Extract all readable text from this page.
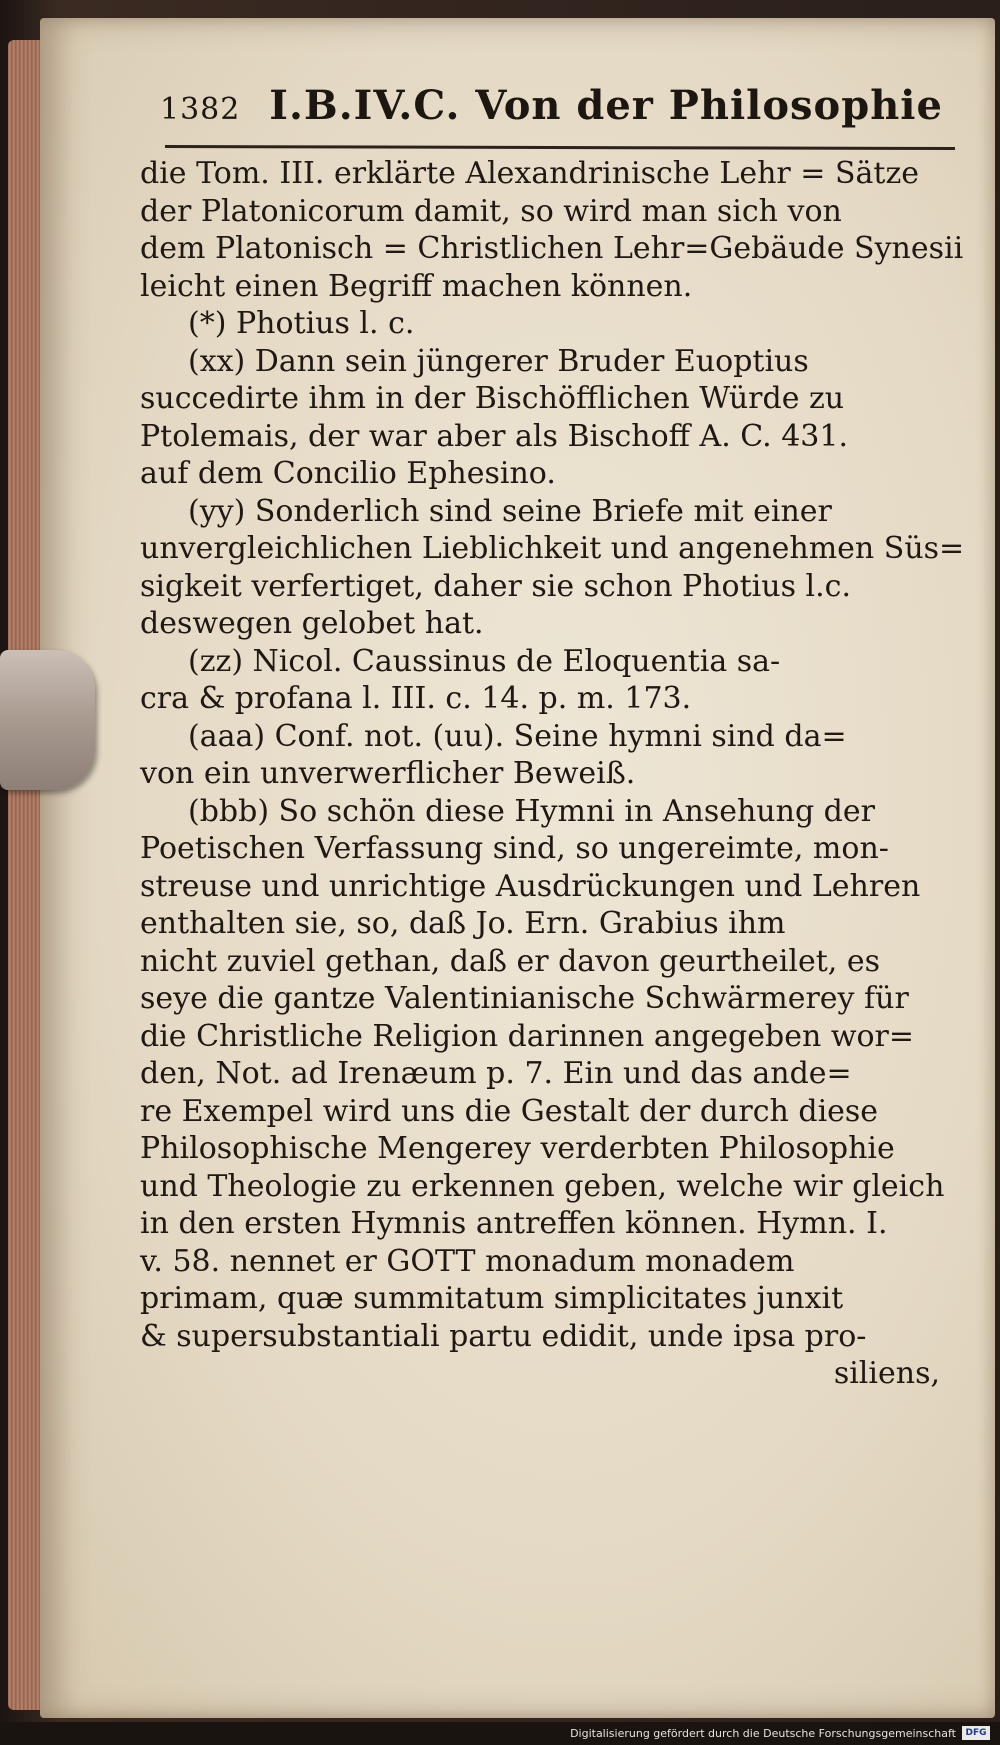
1382 I.B.IV.C. Von der Philosophie
die Tom. III. erklärte Alexandrinische Lehr = Sätze
der Platonicorum damit, so wird man sich von
dem Platonisch = Christlichen Lehr=Gebäude Synesii
leicht einen Begriff machen können.
(*) Photius l. c.
(xx) Dann sein jüngerer Bruder Euoptius
succedirte ihm in der Bischöfflichen Würde zu
Ptolemais, der war aber als Bischoff A. C. 431.
auf dem Concilio Ephesino.
(yy) Sonderlich sind seine Briefe mit einer
unvergleichlichen Lieblichkeit und angenehmen Süs=
sigkeit verfertiget, daher sie schon Photius l.c.
deswegen gelobet hat.
(zz) Nicol. Caussinus de Eloquentia sa-
cra & profana l. III. c. 14. p. m. 173.
(aaa) Conf. not. (uu). Seine hymni sind da=
von ein unverwerflicher Beweiß.
(bbb) So schön diese Hymni in Ansehung der
Poetischen Verfassung sind, so ungereimte, mon-
streuse und unrichtige Ausdrückungen und Lehren
enthalten sie, so, daß Jo. Ern. Grabius ihm
nicht zuviel gethan, daß er davon geurtheilet, es
seye die gantze Valentinianische Schwärmerey für
die Christliche Religion darinnen angegeben wor=
den, Not. ad Irenæum p. 7. Ein und das ande=
re Exempel wird uns die Gestalt der durch diese
Philosophische Mengerey verderbten Philosophie
und Theologie zu erkennen geben, welche wir gleich
in den ersten Hymnis antreffen können. Hymn. I.
v. 58. nennet er GOTT monadum monadem
primam, quæ summitatum simplicitates junxit
& supersubstantiali partu edidit, unde ipsa pro-
siliens,
Digitalisierung gefördert durch die Deutsche Forschungsgemeinschaft	DFG
